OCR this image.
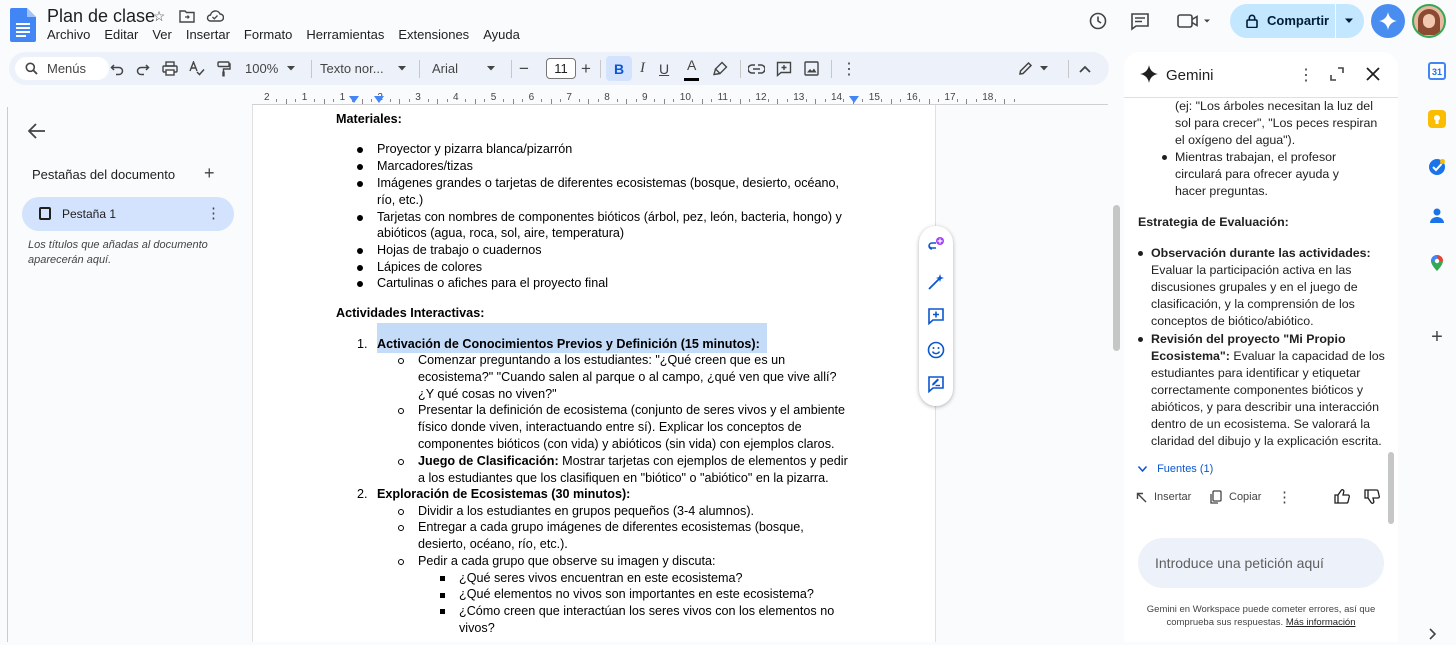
Plan de clase
☆
Archivo Editar Ver Insertar Formato Herramientas Extensiones Ayuda
Compartir
Menús	100%	Texto nor...	Arial	−	11 +	B	I U A	⋮
2	1	1	2	3	4	5	6	7	8	9	10	11	12	13	14	15	16	17	18
Pestañas del documento +
Pestaña 1	⋮
Los títulos que añadas al documento aparecerán aquí.
Materiales:
Proyector y pizarra blanca/pizarrón
Marcadores/tizas
Imágenes grandes o tarjetas de diferentes ecosistemas (bosque, desierto, océano,
río, etc.)
Tarjetas con nombres de componentes bióticos (árbol, pez, león, bacteria, hongo) y
abióticos (agua, roca, sol, aire, temperatura)
Hojas de trabajo o cuadernos
Lápices de colores
Cartulinas o afiches para el proyecto final
Actividades Interactivas:
1. Activación de Conocimientos Previos y Definición (15 minutos):
Comenzar preguntando a los estudiantes: "¿Qué creen que es un
ecosistema?" "Cuando salen al parque o al campo, ¿qué ven que vive allí?
¿Y qué cosas no viven?"
Presentar la definición de ecosistema (conjunto de seres vivos y el ambiente
físico donde viven, interactuando entre sí). Explicar los conceptos de
componentes bióticos (con vida) y abióticos (sin vida) con ejemplos claros.
Juego de Clasificación: Mostrar tarjetas con ejemplos de elementos y pedir
a los estudiantes que los clasifiquen en "biótico" o "abiótico" en la pizarra.
2. Exploración de Ecosistemas (30 minutos):
Dividir a los estudiantes en grupos pequeños (3-4 alumnos).
Entregar a cada grupo imágenes de diferentes ecosistemas (bosque,
desierto, océano, río, etc.).
Pedir a cada grupo que observe su imagen y discuta:
¿Qué seres vivos encuentran en este ecosistema?
¿Qué elementos no vivos son importantes en este ecosistema?
¿Cómo creen que interactúan los seres vivos con los elementos no
vivos?
Gemini	⋮
(ej: "Los árboles necesitan la luz del
sol para crecer", "Los peces respiran
el oxígeno del agua").
Mientras trabajan, el profesor
circulará para ofrecer ayuda y
hacer preguntas.
Estrategia de Evaluación:
Observación durante las actividades:
Evaluar la participación activa en las
discusiones grupales y en el juego de
clasificación, y la comprensión de los
conceptos de biótico/abiótico.
Revisión del proyecto "Mi Propio
Ecosistema": Evaluar la capacidad de los
estudiantes para identificar y etiquetar
correctamente componentes bióticos y
abióticos, y para describir una interacción
dentro de un ecosistema. Se valorará la
claridad del dibujo y la explicación escrita.
Fuentes (1)
Insertar	Copiar ⋮
Introduce una petición aquí
Gemini en Workspace puede cometer errores, así que comprueba sus respuestas. Más información
31
+
